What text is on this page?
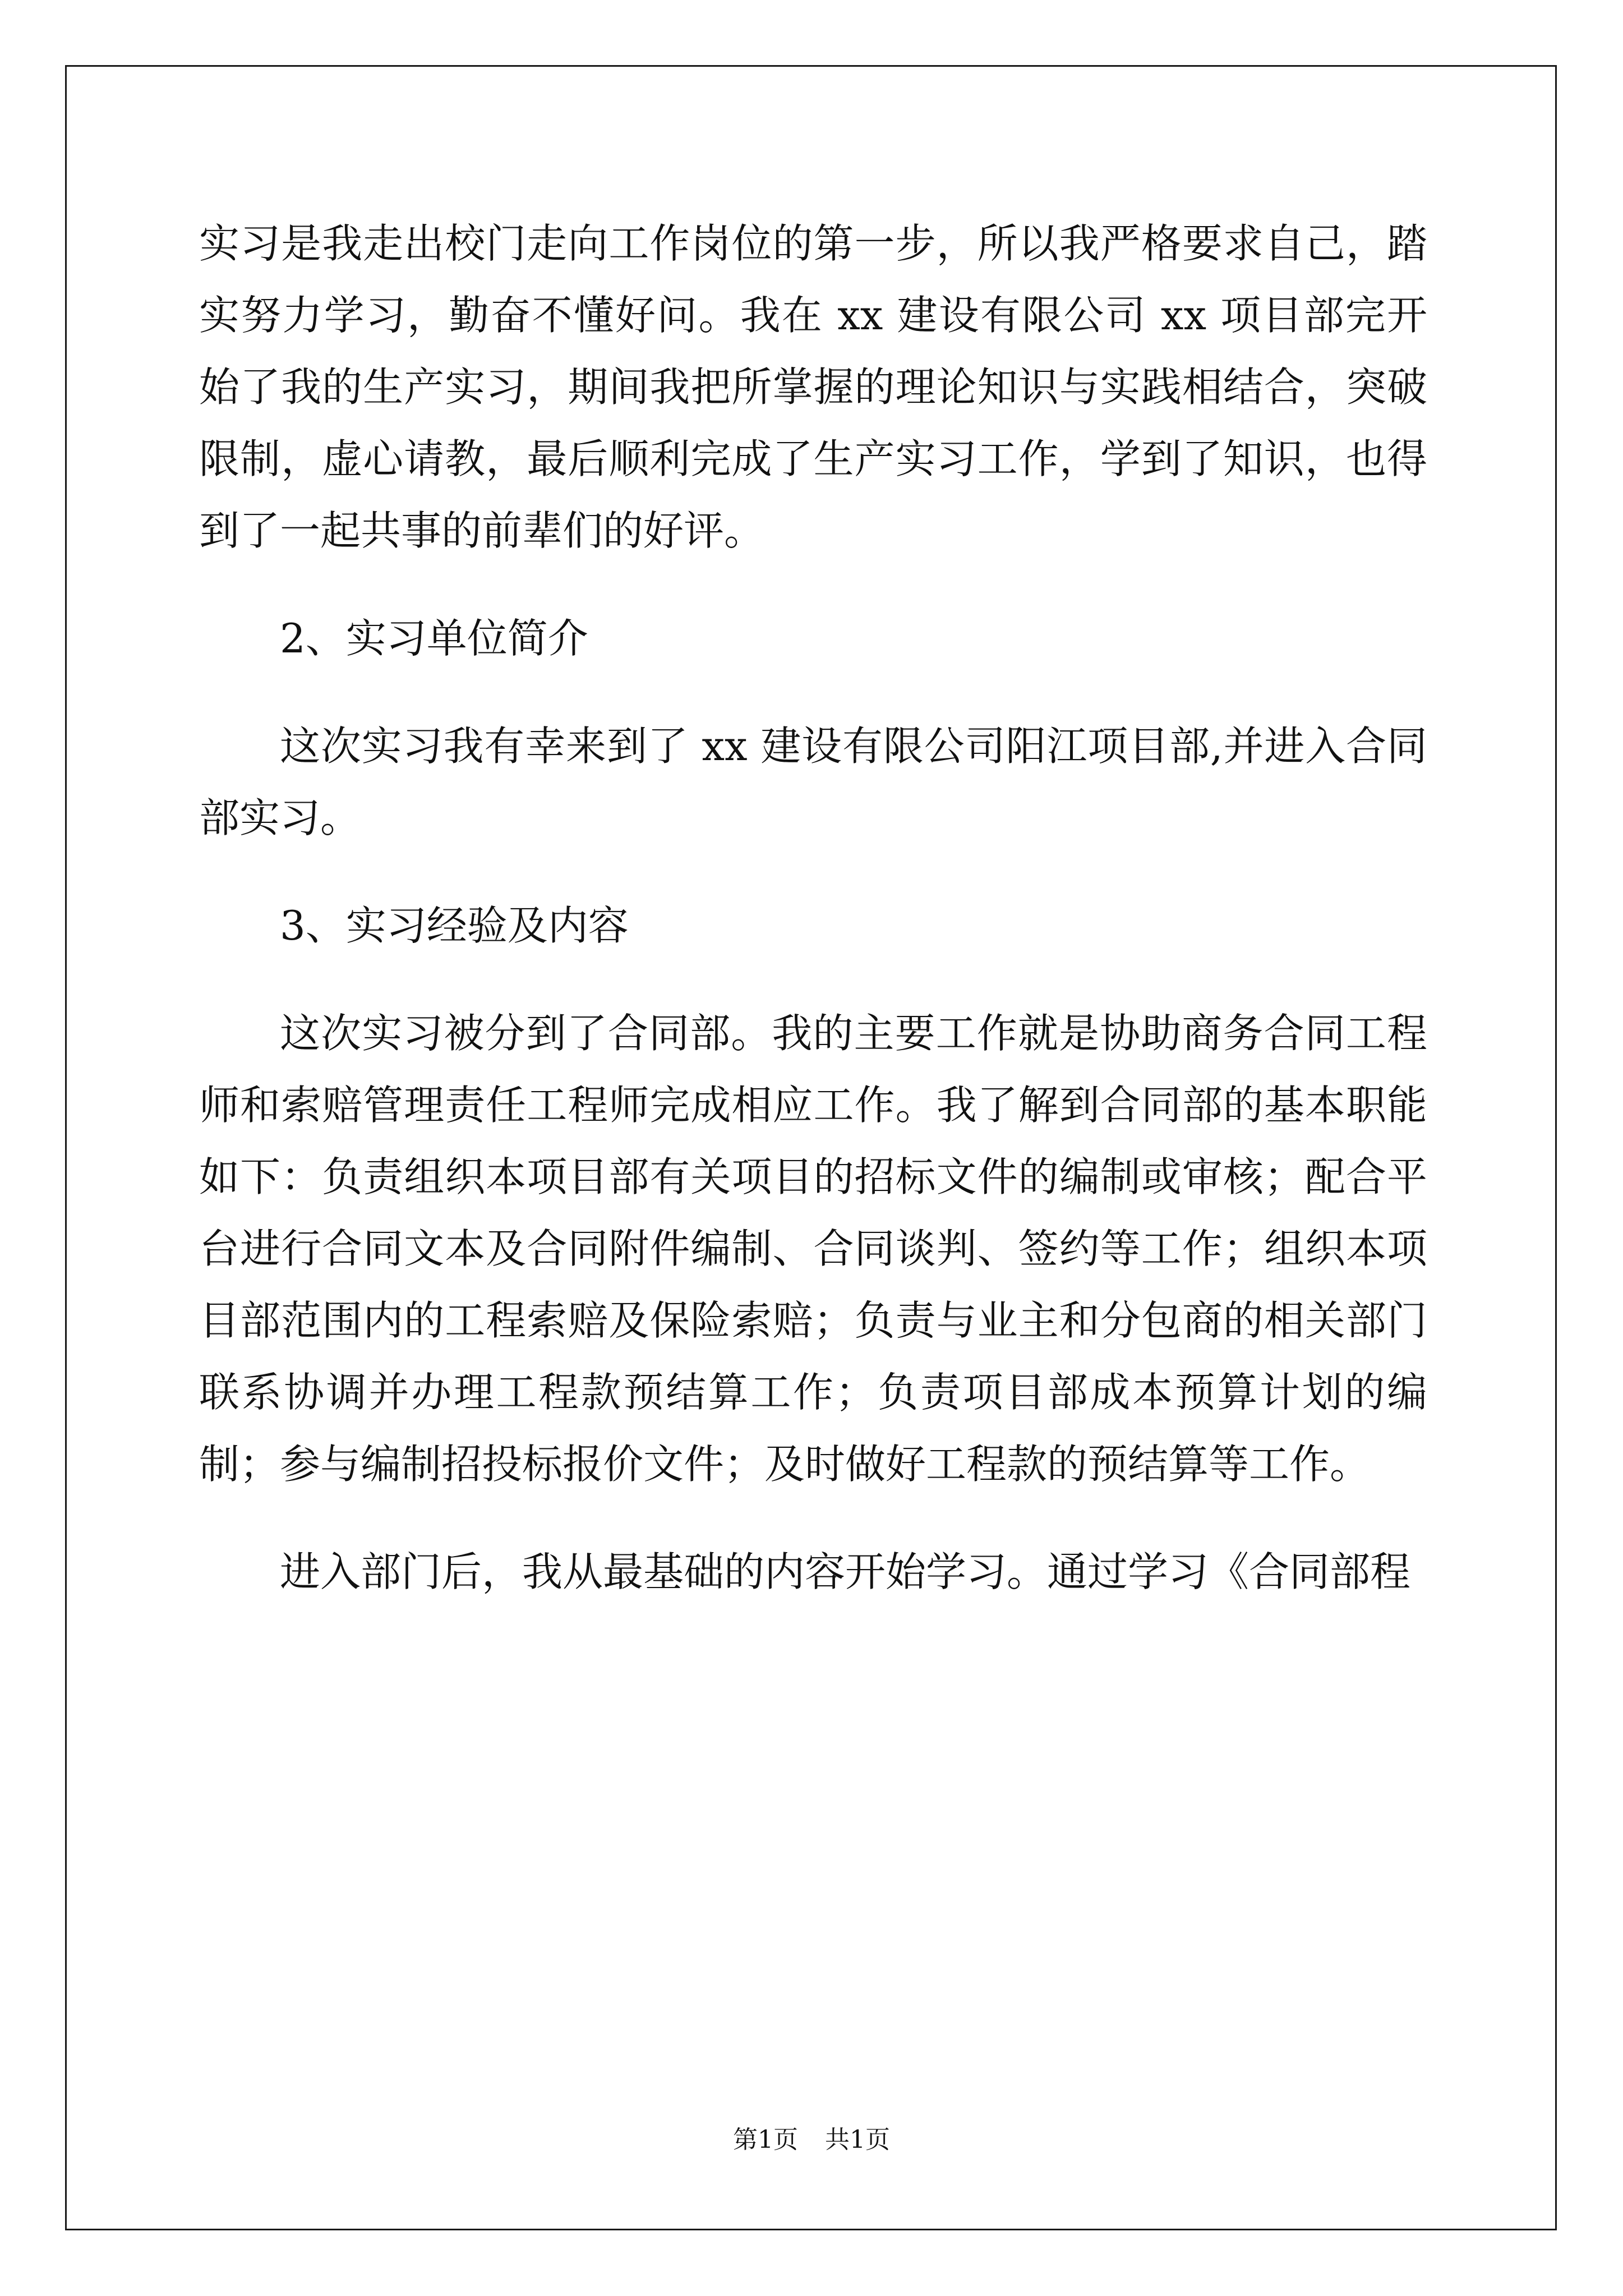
实习是我走出校门走向工作岗位的第一步，所以我严格要求自己，踏实努力学习，勤奋不懂好问。我在 xx 建设有限公司 xx 项目部完开始了我的生产实习，期间我把所掌握的理论知识与实践相结合，突破限制，虚心请教，最后顺利完成了生产实习工作，学到了知识，也得到了一起共事的前辈们的好评。

2、实习单位简介

这次实习我有幸来到了 xx 建设有限公司阳江项目部,并进入合同部实习。

3、实习经验及内容

这次实习被分到了合同部。我的主要工作就是协助商务合同工程师和索赔管理责任工程师完成相应工作。我了解到合同部的基本职能如下：负责组织本项目部有关项目的招标文件的编制或审核；配合平台进行合同文本及合同附件编制、合同谈判、签约等工作；组织本项目部范围内的工程索赔及保险索赔；负责与业主和分包商的相关部门联系协调并办理工程款预结算工作；负责项目部成本预算计划的编制；参与编制招投标报价文件；及时做好工程款的预结算等工作。

进入部门后，我从最基础的内容开始学习。通过学习《合同部程

第1页 共1页
